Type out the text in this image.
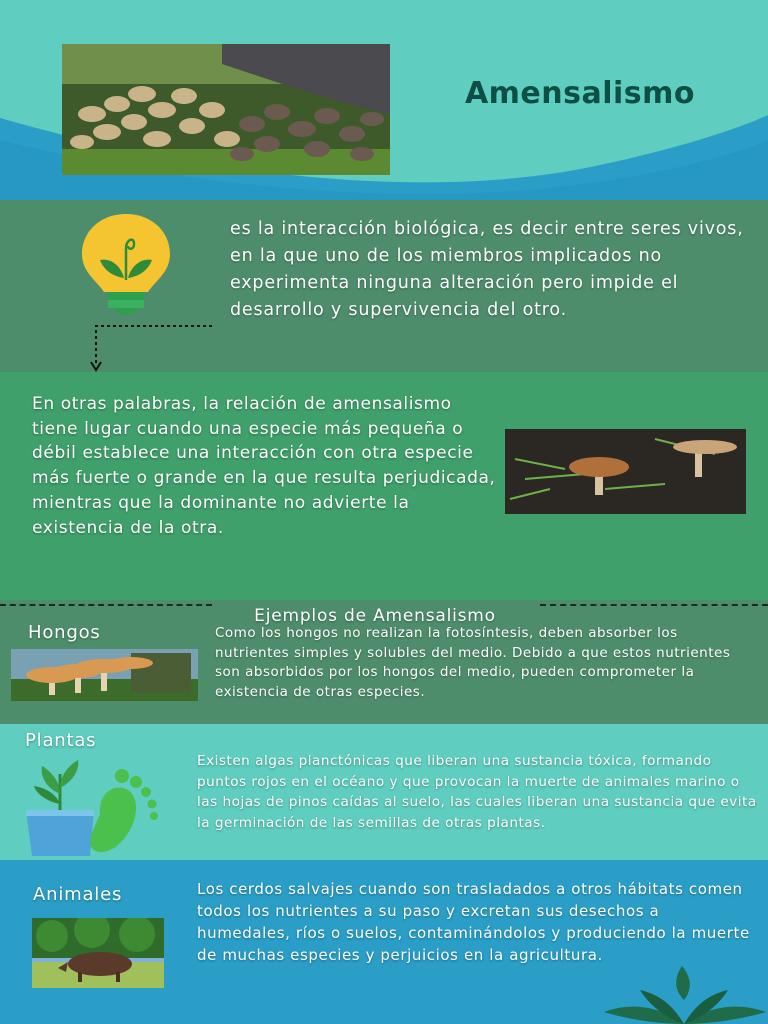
Amensalismo
es la interacción biológica, es decir entre seres vivos, en la que uno de los miembros implicados no experimenta ninguna alteración pero impide el desarrollo y supervivencia del otro.
En otras palabras, la relación de amensalismo tiene lugar cuando una especie más pequeña o débil establece una interacción con otra especie más fuerte o grande en la que resulta perjudicada, mientras que la dominante no advierte la existencia de la otra.
Ejemplos de Amensalismo
Hongos	Como los hongos no realizan la fotosíntesis, deben absorber los nutrientes simples y solubles del medio. Debido a que estos nutrientes son absorbidos por los hongos del medio, pueden comprometer la existencia de otras especies.
Plantas
Existen algas planctónicas que liberan una sustancia tóxica, formando puntos rojos en el océano y que provocan la muerte de animales marino o las hojas de pinos caídas al suelo, las cuales liberan una sustancia que evita la germinación de las semillas de otras plantas.
Animales	Los cerdos salvajes cuando son trasladados a otros hábitats comen todos los nutrientes a su paso y excretan sus desechos a humedales, ríos o suelos, contaminándolos y produciendo la muerte de muchas especies y perjuicios en la agricultura.
